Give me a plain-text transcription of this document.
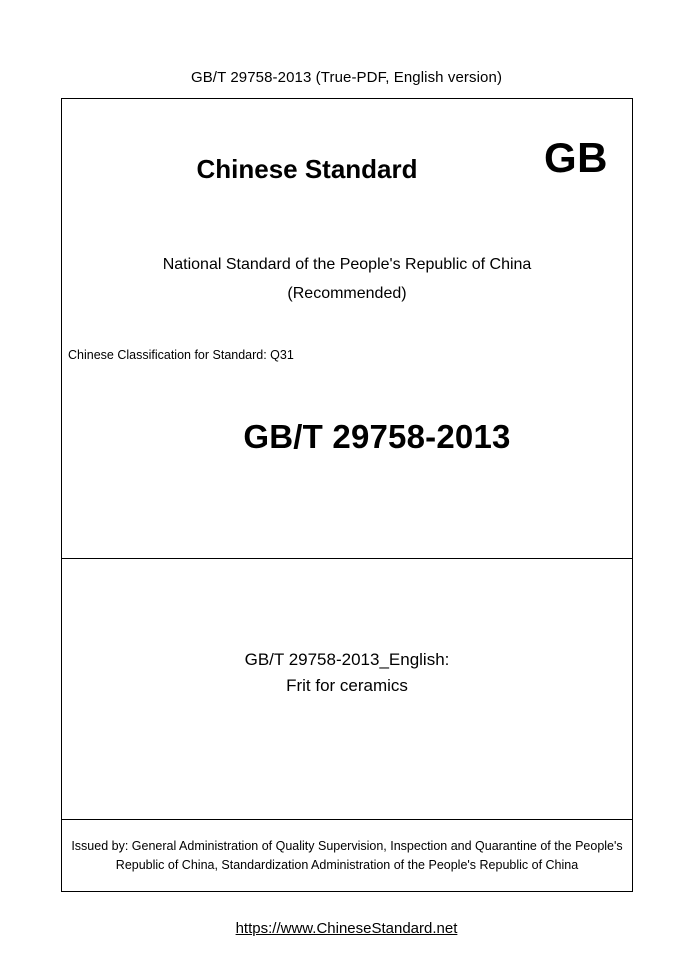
GB/T 29758-2013 (True-PDF, English version)
GB
Chinese Standard
National Standard of the People's Republic of China
(Recommended)
Chinese Classification for Standard: Q31
GB/T 29758-2013
GB/T 29758-2013_English:
Frit for ceramics
Issued by: General Administration of Quality Supervision, Inspection and Quarantine of the People's Republic of China, Standardization Administration of the People's Republic of China
https://www.ChineseStandard.net
